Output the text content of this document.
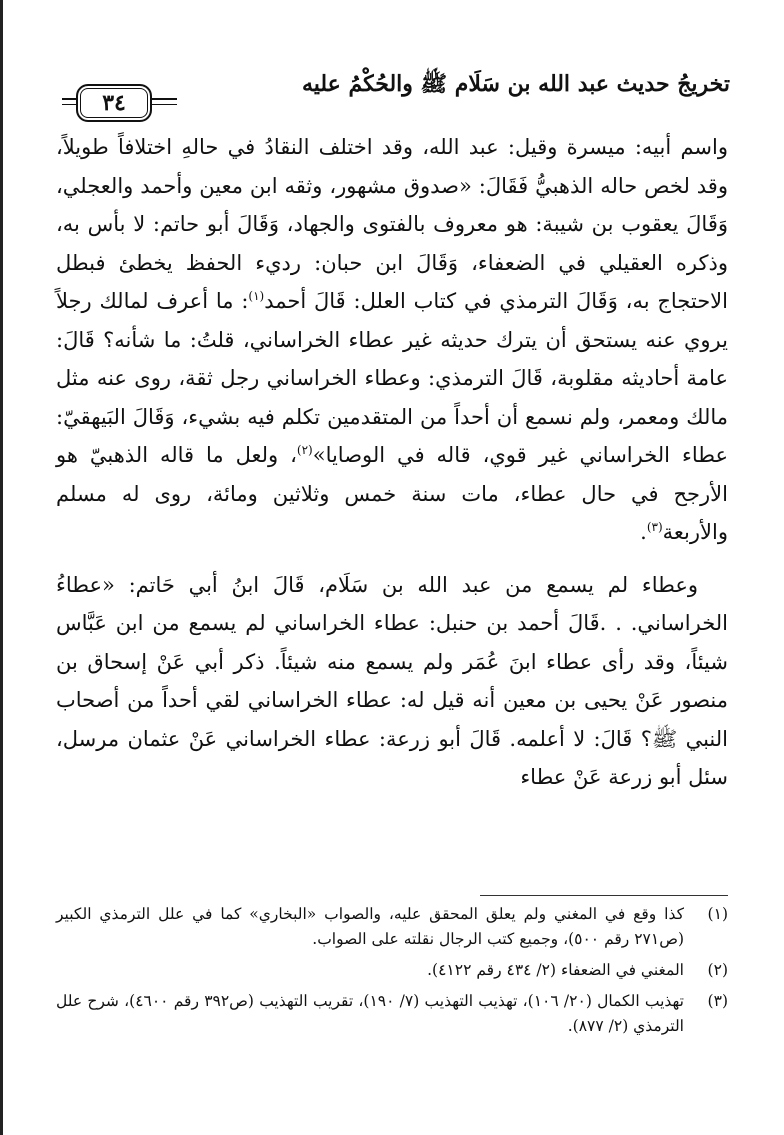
تخريجُ حديث عبد الله بن سَلَام ﷺ والحُكْمُ عليه
٣٤

واسم أبيه: ميسرة وقيل: عبد الله، وقد اختلف النقادُ في حالهِ اختلافاً طويلاً، وقد لخص حاله الذهبيُّ فَقَالَ: «صدوق مشهور، وثقه ابن معين وأحمد والعجلي، وَقَالَ يعقوب بن شيبة: هو معروف بالفتوى والجهاد، وَقَالَ أبو حاتم: لا بأس به، وذكره العقيلي في الضعفاء، وَقَالَ ابن حبان: رديء الحفظ يخطئ فبطل الاحتجاج به، وَقَالَ الترمذي في كتاب العلل: قَالَ أحمد$^{(١)}$: ما أعرف لمالك رجلاً يروي عنه يستحق أن يترك حديثه غير عطاء الخراساني، قلتُ: ما شأنه؟ قَالَ: عامة أحاديثه مقلوبة، قَالَ الترمذي: وعطاء الخراساني رجل ثقة، روى عنه مثل مالك ومعمر، ولم نسمع أن أحداً من المتقدمين تكلم فيه بشيء، وَقَالَ البَيهقيّ: عطاء الخراساني غير قوي، قاله في الوصايا»$^{(٢)}$، ولعل ما قاله الذهبيّ هو الأرجح في حال عطاء، مات سنة خمس وثلاثين ومائة، روى له مسلم والأربعة$^{(٣)}$.

وعطاء لم يسمع من عبد الله بن سَلَام، قَالَ ابنُ أبي حَاتم: «عطاءُ الخراساني. . .قَالَ أحمد بن حنبل: عطاء الخراساني لم يسمع من ابن عَبَّاس شيئاً، وقد رأى عطاء ابنَ عُمَر ولم يسمع منه شيئاً. ذكر أبي عَنْ إسحاق بن منصور عَنْ يحيى بن معين أنه قيل له: عطاء الخراساني لقي أحداً من أصحاب النبي ﷺ؟ قَالَ: لا أعلمه. قَالَ أبو زرعة: عطاء الخراساني عَنْ عثمان مرسل، سئل أبو زرعة عَنْ عطاء

(١)
كذا وقع في المغني ولم يعلق المحقق عليه، والصواب «البخاري» كما في علل الترمذي الكبير (ص٢٧١ رقم ٥٠٠)، وجميع كتب الرجال نقلته على الصواب.
(٢)
المغني في الضعفاء (٢/ ٤٣٤ رقم ٤١٢٢).
(٣)
تهذيب الكمال (٢٠/ ١٠٦)، تهذيب التهذيب (٧/ ١٩٠)، تقريب التهذيب (ص٣٩٢ رقم ٤٦٠٠)، شرح علل الترمذي (٢/ ٨٧٧).
